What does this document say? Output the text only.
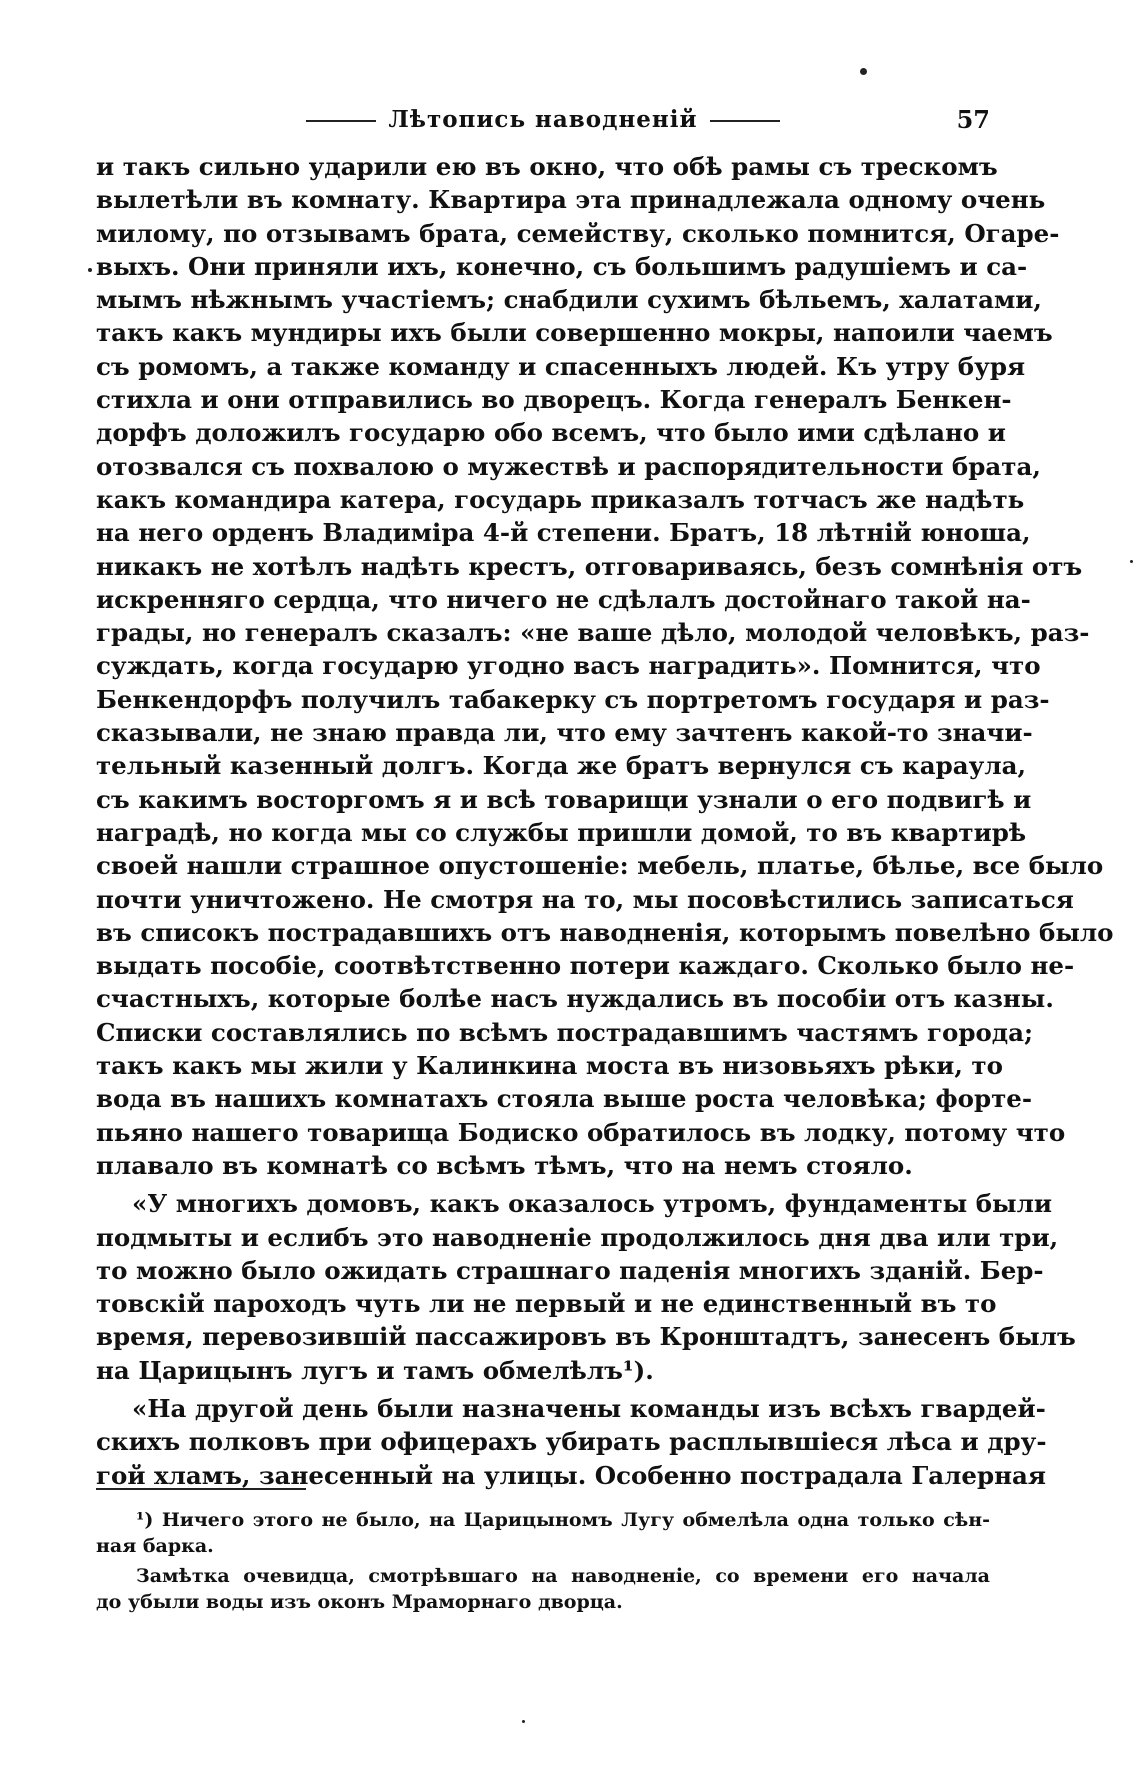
Лѣтопись наводненій	57
и такъ сильно ударили ею въ окно, что обѣ рамы съ трескомъ
вылетѣли въ комнату. Квартира эта принадлежала одному очень
милому, по отзывамъ брата, семейству, сколько помнится, Огаре-
выхъ. Они приняли ихъ, конечно, съ большимъ радушіемъ и са-
мымъ нѣжнымъ участіемъ; снабдили сухимъ бѣльемъ, халатами,
такъ какъ мундиры ихъ были совершенно мокры, напоили чаемъ
съ ромомъ, а также команду и спасенныхъ людей. Къ утру буря
стихла и они отправились во дворецъ. Когда генералъ Бенкен-
дорфъ доложилъ государю обо всемъ, что было ими сдѣлано и
отозвался съ похвалою о мужествѣ и распорядительности брата,
какъ командира катера, государь приказалъ тотчасъ же надѣть
на него орденъ Владиміра 4-й степени. Братъ, 18 лѣтній юноша,
никакъ не хотѣлъ надѣть крестъ, отговариваясь, безъ сомнѣнія отъ
искренняго сердца, что ничего не сдѣлалъ достойнаго такой на-
грады, но генералъ сказалъ: «не ваше дѣло, молодой человѣкъ, раз-
суждать, когда государю угодно васъ наградить». Помнится, что
Бенкендорфъ получилъ табакерку съ портретомъ государя и раз-
сказывали, не знаю правда ли, что ему зачтенъ какой-то значи-
тельный казенный долгъ. Когда же братъ вернулся съ караула,
съ какимъ восторгомъ я и всѣ товарищи узнали о его подвигѣ и
наградѣ, но когда мы со службы пришли домой, то въ квартирѣ
своей нашли страшное опустошеніе: мебель, платье, бѣлье, все было
почти уничтожено. Не смотря на то, мы посовѣстились записаться
въ списокъ пострадавшихъ отъ наводненія, которымъ повелѣно было
выдать пособіе, соотвѣтственно потери каждаго. Сколько было не-
счастныхъ, которые болѣе насъ нуждались въ пособіи отъ казны.
Списки составлялись по всѣмъ пострадавшимъ частямъ города;
такъ какъ мы жили у Калинкина моста въ низовьяхъ рѣки, то
вода въ нашихъ комнатахъ стояла выше роста человѣка; форте-
пьяно нашего товарища Бодиско обратилось въ лодку, потому что
плавало въ комнатѣ со всѣмъ тѣмъ, что на немъ стояло.
«У многихъ домовъ, какъ оказалось утромъ, фундаменты были
подмыты и еслибъ это наводненіе продолжилось дня два или три,
то можно было ожидать страшнаго паденія многихъ зданій. Бер-
товскій пароходъ чуть ли не первый и не единственный въ то
время, перевозившій пассажировъ въ Кронштадтъ, занесенъ былъ
на Царицынъ лугъ и тамъ обмелѣлъ¹).
«На другой день были назначены команды изъ всѣхъ гвардей-
скихъ полковъ при офицерахъ убирать расплывшіеся лѣса и дру-
гой хламъ, занесенный на улицы. Особенно пострадала Галерная
¹) Ничего этого не было, на Царицыномъ Лугу обмелѣла одна только сѣн-
ная барка.
Замѣтка очевидца, смотрѣвшаго на наводненіе, со времени его начала
до убыли воды изъ оконъ Мраморнаго дворца.
